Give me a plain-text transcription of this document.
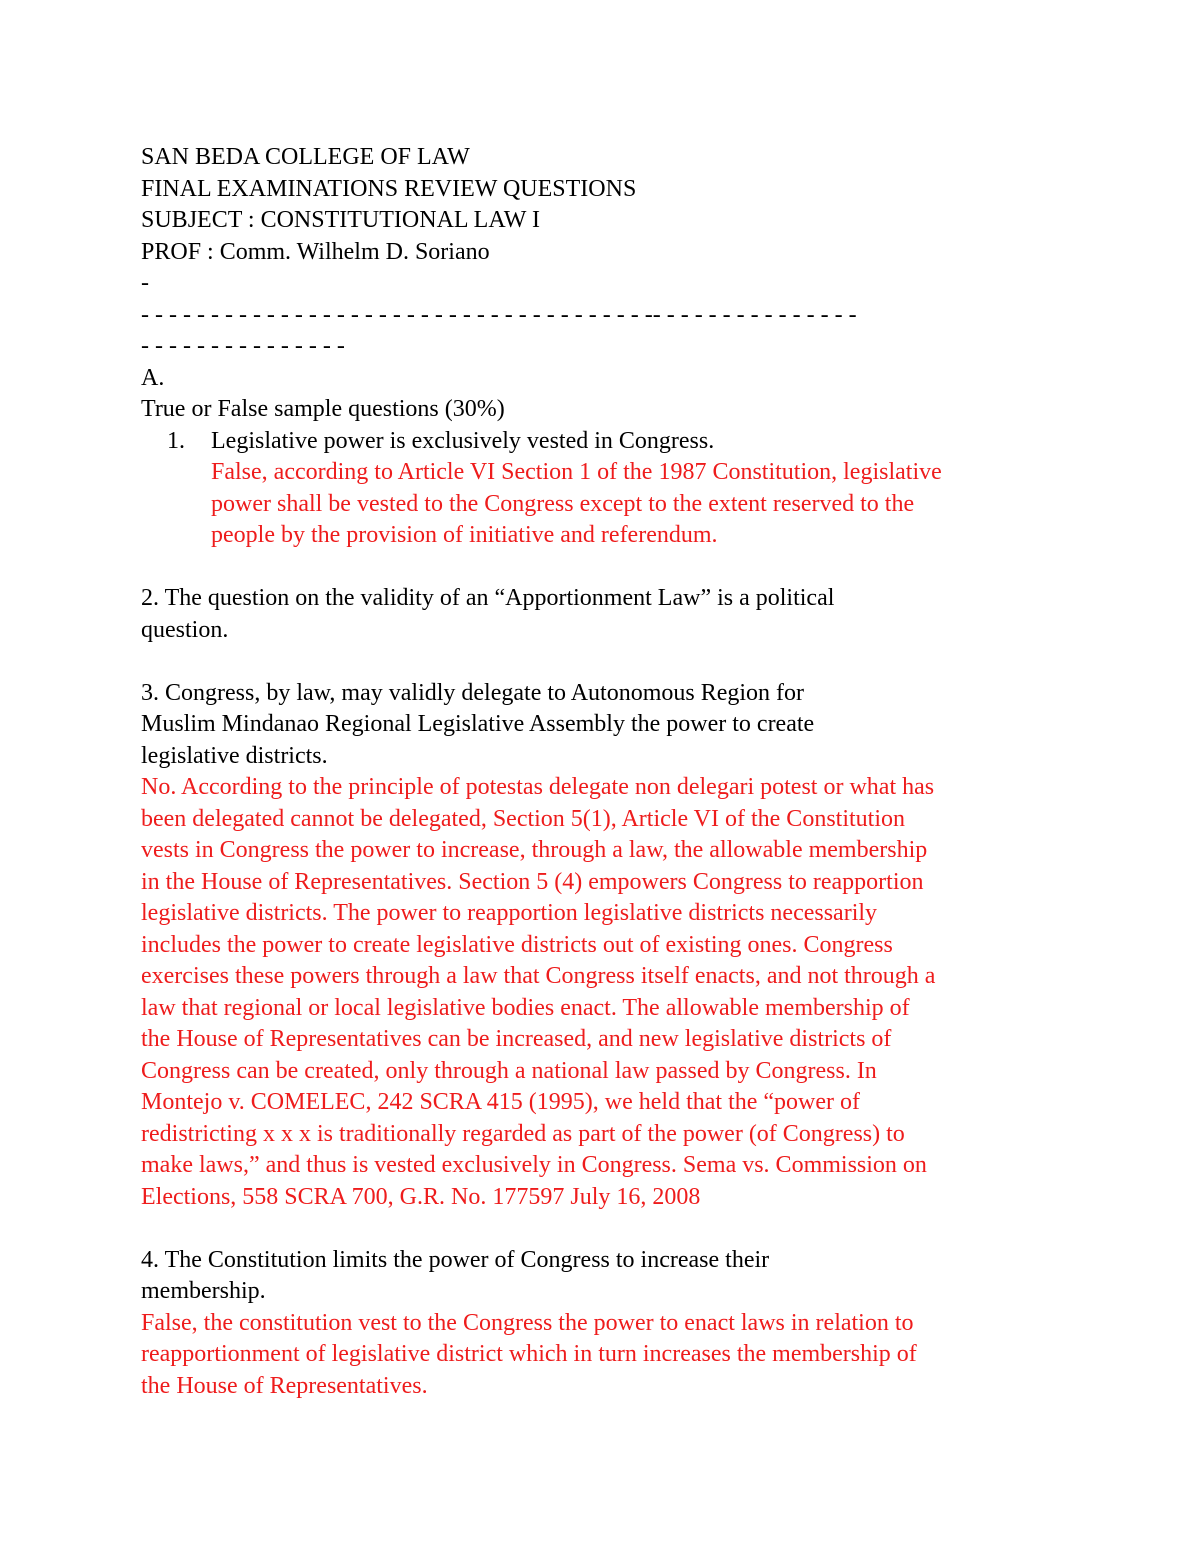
SAN BEDA COLLEGE OF LAW
FINAL EXAMINATIONS REVIEW QUESTIONS
SUBJECT : CONSTITUTIONAL LAW I
PROF : Comm. Wilhelm D. Soriano
-
- - - - - - - - - - - - - - - - - - - - - - - - - - - - - - - - - - - - -- - - - - - - - - - - - - - -
- - - - - - - - - - - - - - -
A.
True or False sample questions (30%)
1. Legislative power is exclusively vested in Congress.
False, according to Article VI Section 1 of the 1987 Constitution, legislative
power shall be vested to the Congress except to the extent reserved to the
people by the provision of initiative and referendum.
2. The question on the validity of an “Apportionment Law” is a political
question.
3. Congress, by law, may validly delegate to Autonomous Region for
Muslim Mindanao Regional Legislative Assembly the power to create
legislative districts.
No. According to the principle of potestas delegate non delegari potest or what has
been delegated cannot be delegated, Section 5(1), Article VI of the Constitution
vests in Congress the power to increase, through a law, the allowable membership
in the House of Representatives. Section 5 (4) empowers Congress to reapportion
legislative districts. The power to reapportion legislative districts necessarily
includes the power to create legislative districts out of existing ones. Congress
exercises these powers through a law that Congress itself enacts, and not through a
law that regional or local legislative bodies enact. The allowable membership of
the House of Representatives can be increased, and new legislative districts of
Congress can be created, only through a national law passed by Congress. In
Montejo v. COMELEC, 242 SCRA 415 (1995), we held that the “power of
redistricting x x x is traditionally regarded as part of the power (of Congress) to
make laws,” and thus is vested exclusively in Congress. Sema vs. Commission on
Elections, 558 SCRA 700, G.R. No. 177597 July 16, 2008
4. The Constitution limits the power of Congress to increase their
membership.
False, the constitution vest to the Congress the power to enact laws in relation to
reapportionment of legislative district which in turn increases the membership of
the House of Representatives.
